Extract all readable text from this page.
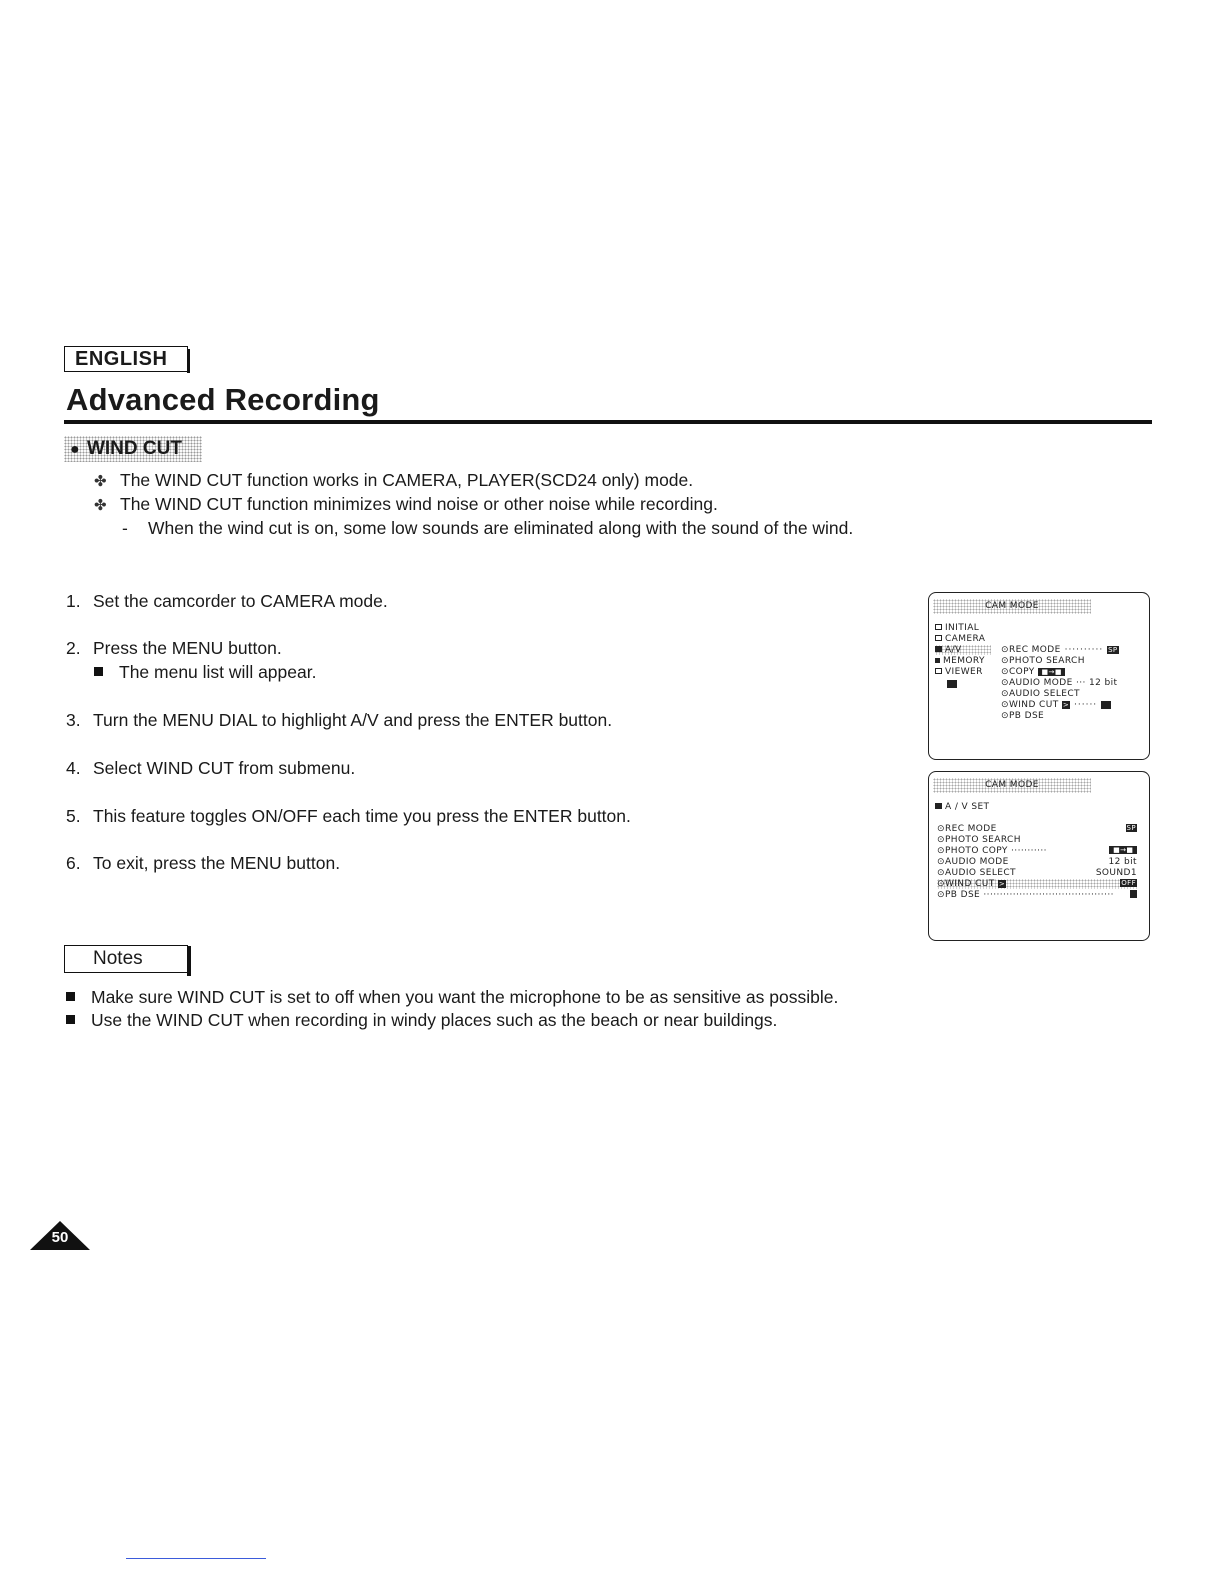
ENGLISH
Advanced Recording
● WIND CUT
✤ The WIND CUT function works in CAMERA, PLAYER(SCD24 only) mode.
✤ The WIND CUT function minimizes wind noise or other noise while recording.
- When the wind cut is on, some low sounds are eliminated along with the sound of the wind.
1. Set the camcorder to CAMERA mode.
2. Press the MENU button.
The menu list will appear.
3. Turn the MENU DIAL to highlight A/V and press the ENTER button.
4. Select WIND CUT from submenu.
5. This feature toggles ON/OFF each time you press the ENTER button.
6. To exit, press the MENU button.
CAM MODE
INITIAL
CAMERA
A/V
MEMORY
VIEWER

⊙REC MODE ·········· SP
⊙PHOTO SEARCH
⊙COPY  ■→■
⊙AUDIO MODE ··· 12 bit
⊙AUDIO SELECT
⊙WIND CUT > ······
⊙PB DSE
CAM MODE
A / V SET
⊙REC MODE	SP
⊙PHOTO SEARCH
⊙PHOTO COPY ···········	■→■
⊙AUDIO MODE	12 bit
⊙AUDIO SELECT	SOUND1
⊙WIND CUT >	OFF
⊙PB DSE ········································

Notes
Make sure WIND CUT is set to off when you want the microphone to be as sensitive as possible.
Use the WIND CUT when recording in windy places such as the beach or near buildings.
50
